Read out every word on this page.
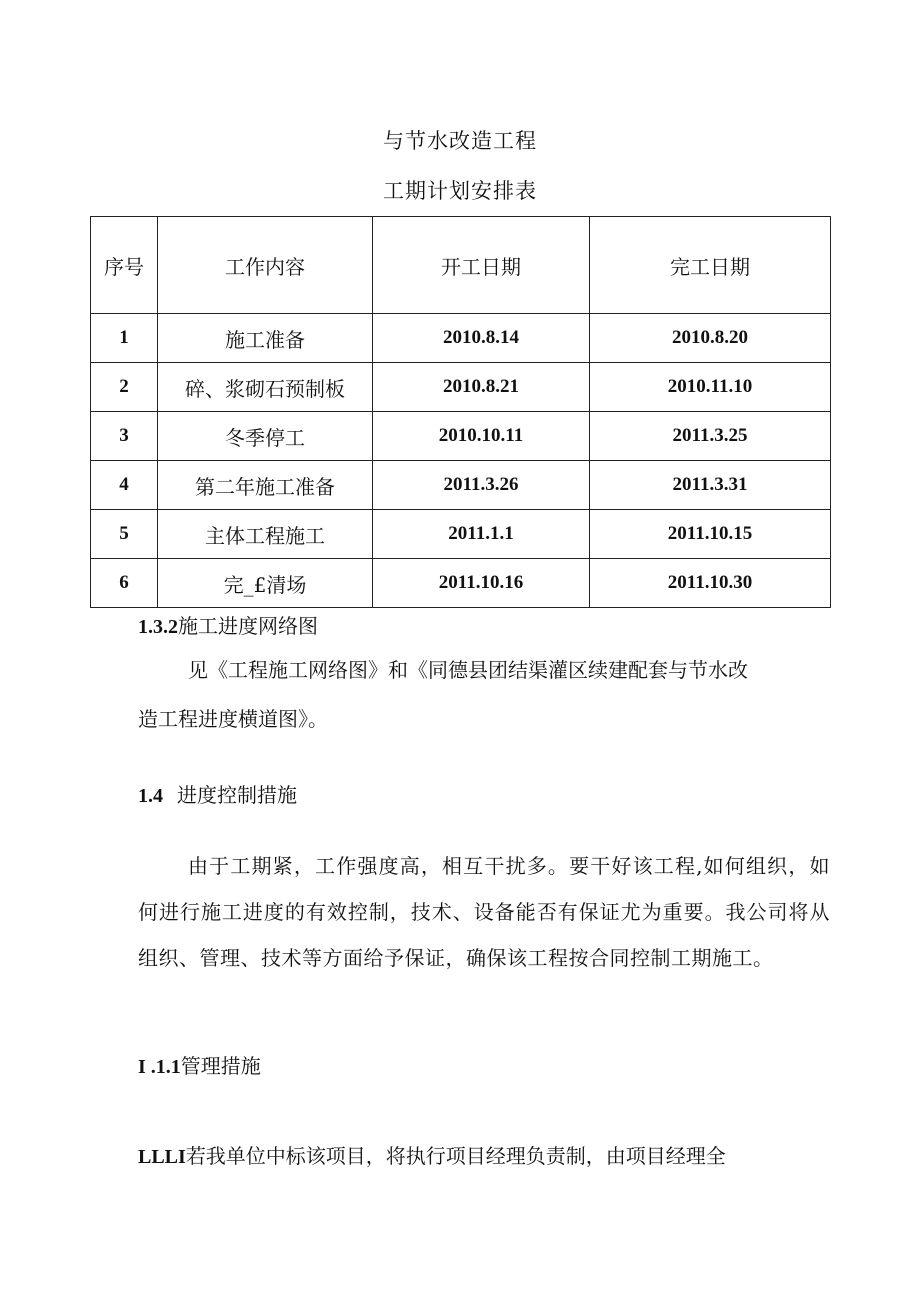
与节水改造工程
工期计划安排表
序号	工作内容	开工日期	完工日期
1	施工准备	2010.8.14	2010.8.20
2	碎、浆砌石预制板	2010.8.21	2010.11.10
3	冬季停工	2010.10.11	2011.3.25
4	第二年施工准备	2011.3.26	2011.3.31
5	主体工程施工	2011.1.1	2011.10.15
6	完_£清场	2011.10.16	2011.10.30
1.3.2施工进度网络图
见《工程施工网络图》和《同德县团结渠灌区续建配套与节水改
造工程进度横道图》。
1.4 进度控制措施
由于工期紧，工作强度高，相互干扰多。要干好该工程,如何组织，如何进行施工进度的有效控制，技术、设备能否有保证尤为重要。我公司将从组织、管理、技术等方面给予保证，确保该工程按合同控制工期施工。
I .1.1管理措施
LLLI若我单位中标该项目，将执行项目经理负责制，由项目经理全
